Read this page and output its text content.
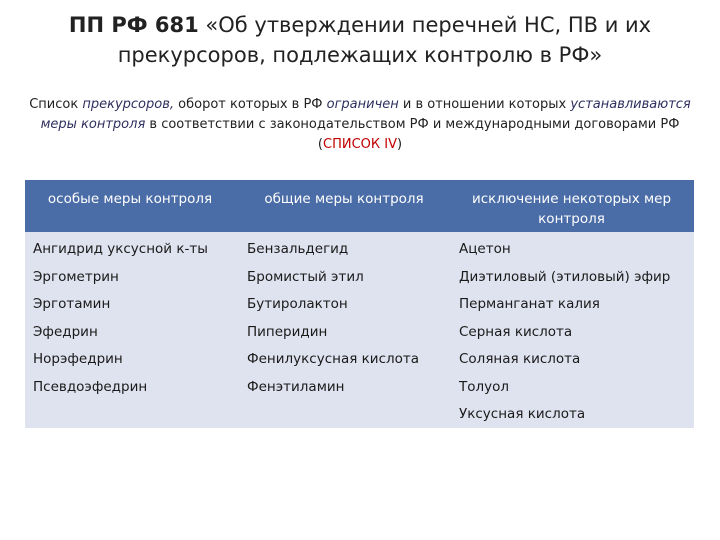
ПП РФ 681 «Об утверждении перечней НС, ПВ и их прекурсоров, подлежащих контролю в РФ»
Список прекурсоров, оборот которых в РФ ограничен и в отношении которых устанавливаются меры контроля в соответствии с законодательством РФ и международными договорами РФ (СПИСОК IV)
особые меры контроля	общие меры контроля	исключение некоторых мер контроля
Ангидрид уксусной к-ты
Эргометрин
Эрготамин
Эфедрин
Норэфедрин
Псевдоэфедрин
Бензальдегид
Бромистый этил
Бутиролактон
Пиперидин
Фенилуксусная кислота
Фенэтиламин
Ацетон
Диэтиловый (этиловый) эфир
Перманганат калия
Серная кислота
Соляная кислота
Толуол
Уксусная кислота
